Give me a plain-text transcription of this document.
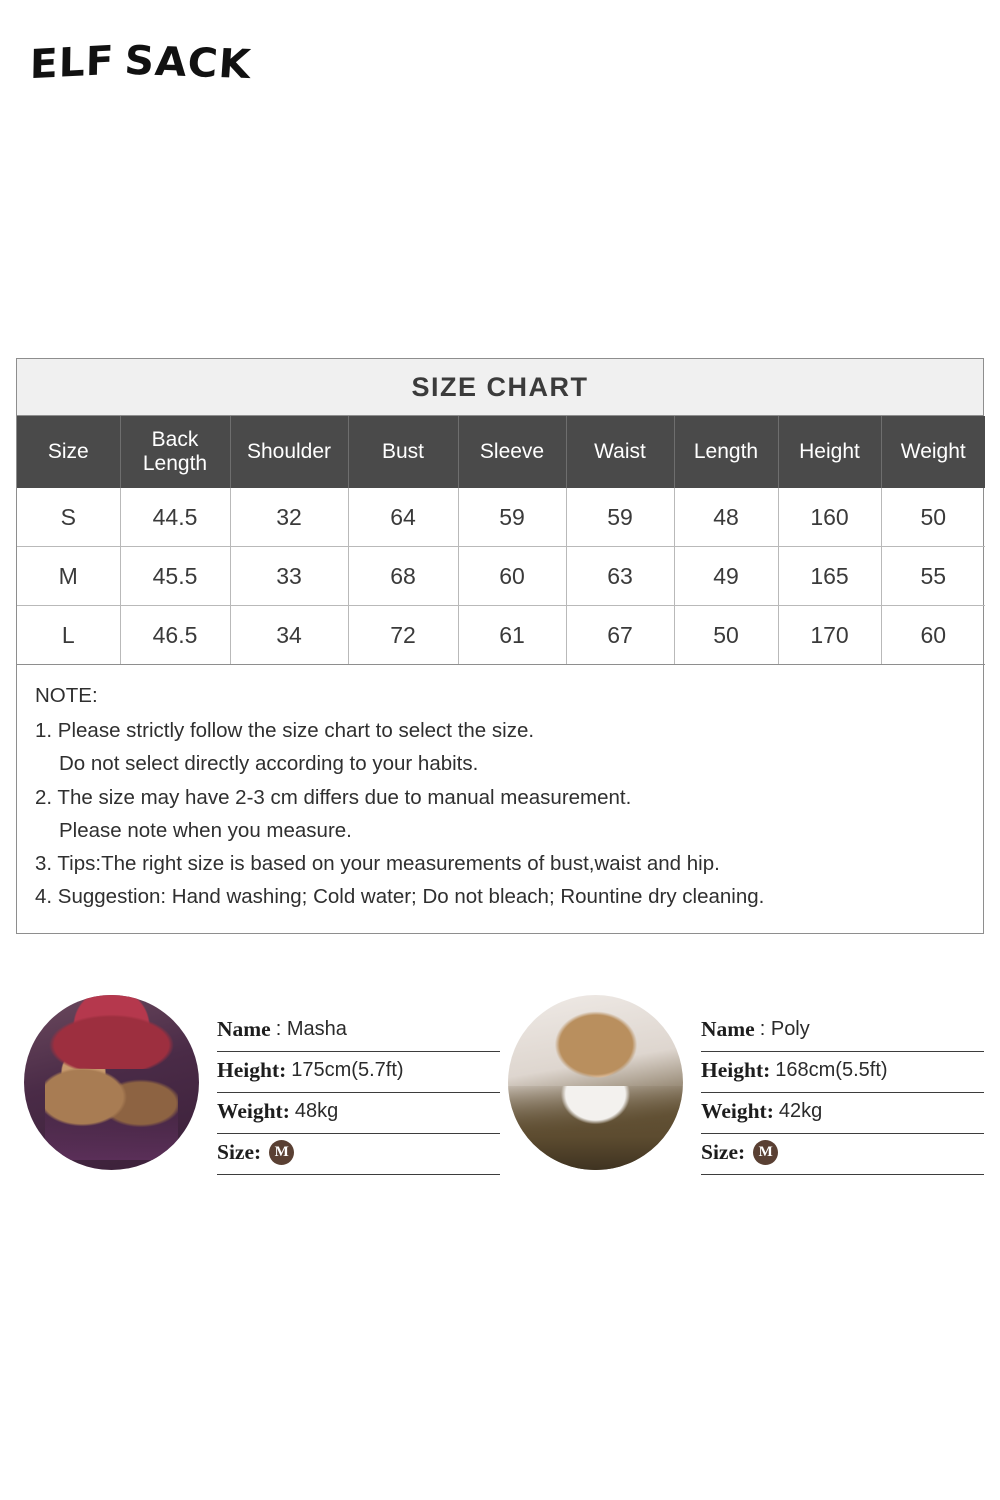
ELF SACK
SIZE CHART
Size	Back Length	Shoulder	Bust	Sleeve	Waist	Length	Height	Weight
S	44.5	32	64	59	59	48	160	50
M	45.5	33	68	60	63	49	165	55
L	46.5	34	72	61	67	50	170	60
NOTE:
1. Please strictly follow the size chart to select the size.
Do not select directly according to your habits.
2. The size may have 2-3 cm differs due to manual measurement.
Please note when you measure.
3. Tips:The right size is based on your measurements of bust,waist and hip.
4. Suggestion: Hand washing; Cold water; Do not bleach; Rountine dry cleaning.
Name : Masha
Height: 175cm(5.7ft)
Weight: 48kg
Size: M
Name : Poly
Height: 168cm(5.5ft)
Weight: 42kg
Size: M
